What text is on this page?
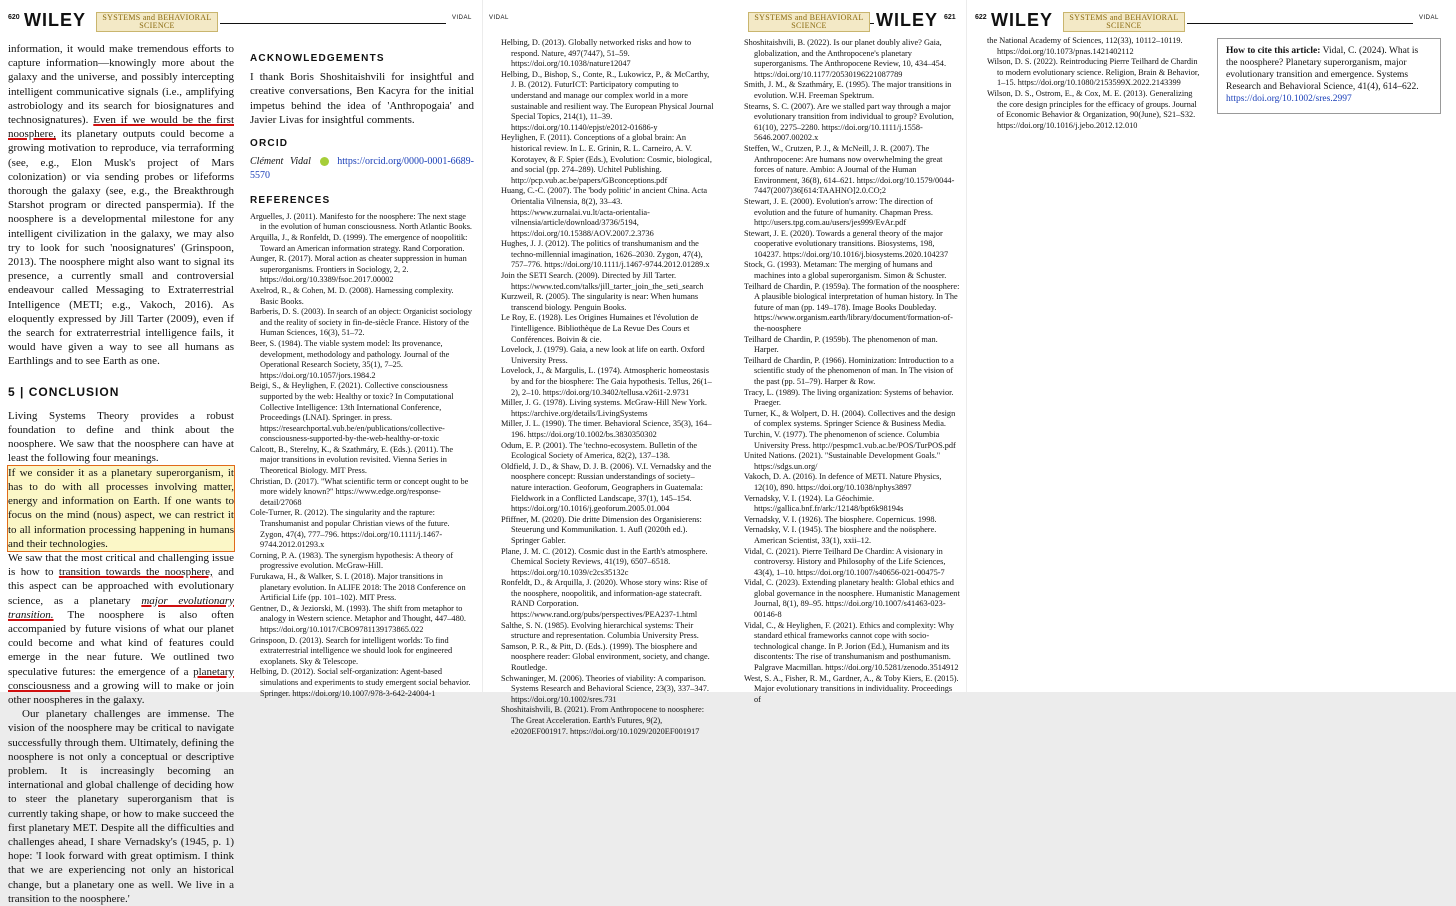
620 WILEY	SYSTEMS and BEHAVIORAL
SCIENCE
VIDAL

information, it would make tremendous efforts to capture information—knowingly more about the galaxy and the universe, and possibly intercepting intelligent communicative signals (i.e., amplifying astrobiology and its search for biosignatures and technosignatures). Even if we would be the first noosphere, its planetary outputs could become a growing motivation to reproduce, via terraforming (see, e.g., Elon Musk's project of Mars colonization) or via sending probes or lifeforms thorough the galaxy (see, e.g., the Breakthrough Starshot program or directed panspermia). If the noosphere is a developmental milestone for any intelligent civilization in the galaxy, we may also try to look for such 'noosignatures' (Grinspoon, 2013). The noosphere might also want to signal its presence, a currently small and controversial endeavour called Messaging to Extraterrestrial Intelligence (METI; e.g., Vakoch, 2016). As eloquently expressed by Jill Tarter (2009), even if the search for extraterrestrial intelligence fails, it would have given a way to see all humans as Earthlings and to see Earth as one.

5 | CONCLUSION

Living Systems Theory provides a robust foundation to define and think about the noosphere. We saw that the noosphere can have at least the following four meanings.

If we consider it as a planetary superorganism, it has to do with all processes involving matter, energy and information on Earth. If one wants to focus on the mind (nous) aspect, we can restrict it to all information processing happening in humans and their technologies.

We saw that the most critical and challenging issue is how to transition towards the noosphere, and this aspect can be approached with evolutionary science, as a planetary major evolutionary transition. The noosphere is also often accompanied by future visions of what our planet could become and what kind of features could emerge in the near future. We outlined two speculative futures: the emergence of a planetary consciousness and a growing will to make or join other noospheres in the galaxy.

Our planetary challenges are immense. The vision of the noosphere may be critical to navigate successfully through them. Ultimately, defining the noosphere is not only a conceptual or descriptive problem. It is increasingly becoming an international and global challenge of deciding how to steer the planetary superorganism that is currently taking shape, or how to make succeed the first planetary MET. Despite all the difficulties and challenges ahead, I share Vernadsky's (1945, p. 1) hope: 'I look forward with great optimism. I think that we are experiencing not only an historical change, but a planetary one as well. We live in a transition to the noosphere.'

ACKNOWLEDGEMENTS

I thank Boris Shoshitaishvili for insightful and creative conversations, Ben Kacyra for the initial impetus behind the idea of 'Anthropogaia' and Javier Livas for insightful comments.

ORCID

Clément Vidal	https://orcid.org/0000-0001-6689-5570

REFERENCES

Arguelles, J. (2011). Manifesto for the noosphere: The next stage in the evolution of human consciousness. North Atlantic Books.

Arquilla, J., & Ronfeldt, D. (1999). The emergence of noopolitik: Toward an American information strategy. Rand Corporation.

Aunger, R. (2017). Moral action as cheater suppression in human superorganisms. Frontiers in Sociology, 2, 2. https://doi.org/10.3389/fsoc.2017.00002

Axelrod, R., & Cohen, M. D. (2008). Harnessing complexity. Basic Books.

Barberis, D. S. (2003). In search of an object: Organicist sociology and the reality of society in fin-de-siècle France. History of the Human Sciences, 16(3), 51–72.

Beer, S. (1984). The viable system model: Its provenance, development, methodology and pathology. Journal of the Operational Research Society, 35(1), 7–25. https://doi.org/10.1057/jors.1984.2

Beigi, S., & Heylighen, F. (2021). Collective consciousness supported by the web: Healthy or toxic? In Computational Collective Intelligence: 13th International Conference, Proceedings (LNAI). Springer. in press. https://researchportal.vub.be/en/publications/collective-consciousness-supported-by-the-web-healthy-or-toxic

Calcott, B., Sterelny, K., & Szathmáry, E. (Eds.). (2011). The major transitions in evolution revisited. Vienna Series in Theoretical Biology. MIT Press.

Christian, D. (2017). "What scientific term or concept ought to be more widely known?" https://www.edge.org/response-detail/27068

Cole-Turner, R. (2012). The singularity and the rapture: Transhumanist and popular Christian views of the future. Zygon, 47(4), 777–796. https://doi.org/10.1111/j.1467-9744.2012.01293.x

Corning, P. A. (1983). The synergism hypothesis: A theory of progressive evolution. McGraw-Hill.

Furukawa, H., & Walker, S. I. (2018). Major transitions in planetary evolution. In ALIFE 2018: The 2018 Conference on Artificial Life (pp. 101–102). MIT Press.

Gentner, D., & Jeziorski, M. (1993). The shift from metaphor to analogy in Western science. Metaphor and Thought, 447–480. https://doi.org/10.1017/CBO9781139173865.022

Grinspoon, D. (2013). Search for intelligent worlds: To find extraterrestrial intelligence we should look for engineered exoplanets. Sky & Telescope.

Helbing, D. (2012). Social self-organization: Agent-based simulations and experiments to study emergent social behavior. Springer. https://doi.org/10.1007/978-3-642-24004-1

VIDAL

Helbing, D. (2013). Globally networked risks and how to respond. Nature, 497(7447), 51–59. https://doi.org/10.1038/nature12047

Helbing, D., Bishop, S., Conte, R., Lukowicz, P., & McCarthy, J. B. (2012). FuturICT: Participatory computing to understand and manage our complex world in a more sustainable and resilient way. The European Physical Journal Special Topics, 214(1), 11–39. https://doi.org/10.1140/epjst/e2012-01686-y

Heylighen, F. (2011). Conceptions of a global brain: An historical review. In L. E. Grinin, R. L. Carneiro, A. V. Korotayev, & F. Spier (Eds.), Evolution: Cosmic, biological, and social (pp. 274–289). Uchitel Publishing. http://pcp.vub.ac.be/papers/GBconceptions.pdf

Huang, C.-C. (2007). The 'body politic' in ancient China. Acta Orientalia Vilnensia, 8(2), 33–43. https://www.zurnalai.vu.lt/acta-orientalia-vilnensia/article/download/3736/5194, https://doi.org/10.15388/AOV.2007.2.3736

Hughes, J. J. (2012). The politics of transhumanism and the techno-millennial imagination, 1626–2030. Zygon, 47(4), 757–776. https://doi.org/10.1111/j.1467-9744.2012.01289.x

Join the SETI Search. (2009). Directed by Jill Tarter. https://www.ted.com/talks/jill_tarter_join_the_seti_search

Kurzweil, R. (2005). The singularity is near: When humans transcend biology. Penguin Books.

Le Roy, E. (1928). Les Origines Humaines et l'évolution de l'intelligence. Bibliothèque de La Revue Des Cours et Conférences. Boivin & cie.

Lovelock, J. (1979). Gaia, a new look at life on earth. Oxford University Press.

Lovelock, J., & Margulis, L. (1974). Atmospheric homeostasis by and for the biosphere: The Gaia hypothesis. Tellus, 26(1–2), 2–10. https://doi.org/10.3402/tellusa.v26i1-2.9731

Miller, J. G. (1978). Living systems. McGraw-Hill New York. https://archive.org/details/LivingSystems

Miller, J. L. (1990). The timer. Behavioral Science, 35(3), 164–196. https://doi.org/10.1002/bs.3830350302

Odum, E. P. (2001). The 'techno-ecosystem. Bulletin of the Ecological Society of America, 82(2), 137–138.

Oldfield, J. D., & Shaw, D. J. B. (2006). V.I. Vernadsky and the noosphere concept: Russian understandings of society–nature interaction. Geoforum, Geographers in Guatemala: Fieldwork in a Conflicted Landscape, 37(1), 145–154. https://doi.org/10.1016/j.geoforum.2005.01.004

Pfiffner, M. (2020). Die dritte Dimension des Organisierens: Steuerung und Kommunikation. 1. Aufl (2020th ed.). Springer Gabler.

Plane, J. M. C. (2012). Cosmic dust in the Earth's atmosphere. Chemical Society Reviews, 41(19), 6507–6518. https://doi.org/10.1039/c2cs35132c

Ronfeldt, D., & Arquilla, J. (2020). Whose story wins: Rise of the noosphere, noopolitik, and information-age statecraft. RAND Corporation. https://www.rand.org/pubs/perspectives/PEA237-1.html

Salthe, S. N. (1985). Evolving hierarchical systems: Their structure and representation. Columbia University Press.

Samson, P. R., & Pitt, D. (Eds.). (1999). The biosphere and noosphere reader: Global environment, society, and change. Routledge.

Schwaninger, M. (2006). Theories of viability: A comparison. Systems Research and Behavioral Science, 23(3), 337–347. https://doi.org/10.1002/sres.731

Shoshitaishvili, B. (2021). From Anthropocene to noosphere: The Great Acceleration. Earth's Futures, 9(2), e2020EF001917. https://doi.org/10.1029/2020EF001917

SYSTEMS and BEHAVIORAL
SCIENCE	WILEY 621

Shoshitaishvili, B. (2022). Is our planet doubly alive? Gaia, globalization, and the Anthropocene's planetary superorganisms. The Anthropocene Review, 10, 434–454. https://doi.org/10.1177/20530196221087789

Smith, J. M., & Szathmáry, E. (1995). The major transitions in evolution. W.H. Freeman Spektrum.

Stearns, S. C. (2007). Are we stalled part way through a major evolutionary transition from individual to group? Evolution, 61(10), 2275–2280. https://doi.org/10.1111/j.1558-5646.2007.00202.x

Steffen, W., Crutzen, P. J., & McNeill, J. R. (2007). The Anthropocene: Are humans now overwhelming the great forces of nature. Ambio: A Journal of the Human Environment, 36(8), 614–621. https://doi.org/10.1579/0044-7447(2007)36[614:TAAHNO]2.0.CO;2

Stewart, J. E. (2000). Evolution's arrow: The direction of evolution and the future of humanity. Chapman Press. http://users.tpg.com.au/users/jes999/EvAr.pdf

Stewart, J. E. (2020). Towards a general theory of the major cooperative evolutionary transitions. Biosystems, 198, 104237. https://doi.org/10.1016/j.biosystems.2020.104237

Stock, G. (1993). Metaman: The merging of humans and machines into a global superorganism. Simon & Schuster.

Teilhard de Chardin, P. (1959a). The formation of the noosphere: A plausible biological interpretation of human history. In The future of man (pp. 149–178). Image Books Doubleday. https://www.organism.earth/library/document/formation-of-the-noosphere

Teilhard de Chardin, P. (1959b). The phenomenon of man. Harper.

Teilhard de Chardin, P. (1966). Hominization: Introduction to a scientific study of the phenomenon of man. In The vision of the past (pp. 51–79). Harper & Row.

Tracy, L. (1989). The living organization: Systems of behavior. Praeger.

Turner, K., & Wolpert, D. H. (2004). Collectives and the design of complex systems. Springer Science & Business Media.

Turchin, V. (1977). The phenomenon of science. Columbia University Press. http://pespmc1.vub.ac.be/POS/TurPOS.pdf

United Nations. (2021). "Sustainable Development Goals." https://sdgs.un.org/

Vakoch, D. A. (2016). In defence of METI. Nature Physics, 12(10), 890. https://doi.org/10.1038/nphys3897

Vernadsky, V. I. (1924). La Géochimie. https://gallica.bnf.fr/ark:/12148/bpt6k98194s

Vernadsky, V. I. (1926). The biosphere. Copernicus. 1998.

Vernadsky, V. I. (1945). The biosphere and the noösphere. American Scientist, 33(1), xxii–12.

Vidal, C. (2021). Pierre Teilhard De Chardin: A visionary in controversy. History and Philosophy of the Life Sciences, 43(4), 1–10. https://doi.org/10.1007/s40656-021-00475-7

Vidal, C. (2023). Extending planetary health: Global ethics and global governance in the noosphere. Humanistic Management Journal, 8(1), 89–95. https://doi.org/10.1007/s41463-023-00146-8

Vidal, C., & Heylighen, F. (2021). Ethics and complexity: Why standard ethical frameworks cannot cope with socio-technological change. In P. Jorion (Ed.), Humanism and its discontents: The rise of transhumanism and posthumanism. Palgrave Macmillan. https://doi.org/10.5281/zenodo.3514912

West, S. A., Fisher, R. M., Gardner, A., & Toby Kiers, E. (2015). Major evolutionary transitions in individuality. Proceedings of

622 WILEY	SYSTEMS and BEHAVIORAL
SCIENCE
VIDAL

the National Academy of Sciences, 112(33), 10112–10119. https://doi.org/10.1073/pnas.1421402112

Wilson, D. S. (2022). Reintroducing Pierre Teilhard de Chardin to modern evolutionary science. Religion, Brain & Behavior, 1–15. https://doi.org/10.1080/2153599X.2022.2143399

Wilson, D. S., Ostrom, E., & Cox, M. E. (2013). Generalizing the core design principles for the efficacy of groups. Journal of Economic Behavior & Organization, 90(June), S21–S32. https://doi.org/10.1016/j.jebo.2012.12.010

How to cite this article: Vidal, C. (2024). What is the noosphere? Planetary superorganism, major evolutionary transition and emergence. Systems Research and Behavioral Science, 41(4), 614–622.
https://doi.org/10.1002/sres.2997
